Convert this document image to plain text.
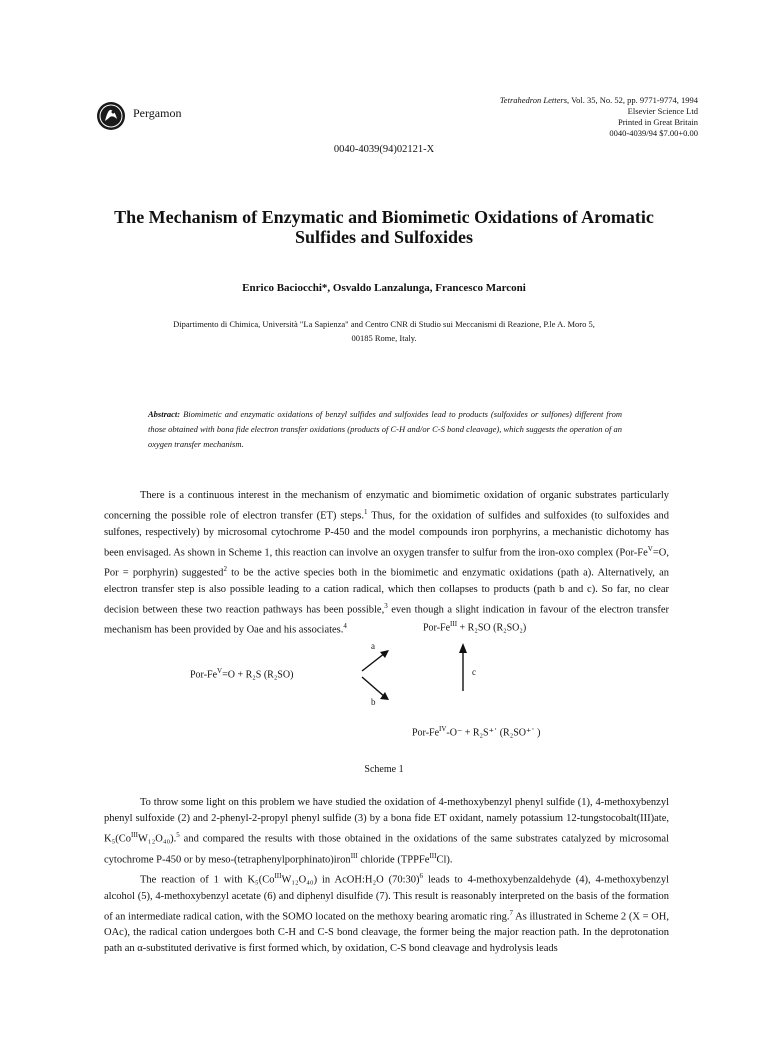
Pergamon
Tetrahedron Letters, Vol. 35, No. 52, pp. 9771-9774, 1994
Elsevier Science Ltd
Printed in Great Britain
0040-4039/94 $7.00+0.00
0040-4039(94)02121-X
The Mechanism of Enzymatic and Biomimetic Oxidations of Aromatic Sulfides and Sulfoxides
Enrico Baciocchi*, Osvaldo Lanzalunga, Francesco Marconi
Dipartimento di Chimica, Università "La Sapienza" and Centro CNR di Studio sui Meccanismi di Reazione, P.le A. Moro 5,
00185 Rome, Italy.
Abstract: Biomimetic and enzymatic oxidations of benzyl sulfides and sulfoxides lead to products (sulfoxides or sulfones) different from those obtained with bona fide electron transfer oxidations (products of C-H and/or C-S bond cleavage), which suggests the operation of an oxygen transfer mechanism.

There is a continuous interest in the mechanism of enzymatic and biomimetic oxidation of organic substrates particularly concerning the possible role of electron transfer (ET) steps.$^1$ Thus, for the oxidation of sulfides and sulfoxides (to sulfoxides and sulfones, respectively) by microsomal cytochrome P-450 and the model compounds iron porphyrins, a mechanistic dichotomy has been envisaged. As shown in Scheme 1, this reaction can involve an oxygen transfer to sulfur from the iron-oxo complex ($Por-Fe^V=O$, Por = porphyrin) suggested$^2$ to be the active species both in the biomimetic and enzymatic oxidations (path a). Alternatively, an electron transfer step is also possible leading to a cation radical, which then collapses to products (path b and c). So far, no clear decision between these two reaction pathways has been possible,$^3$ even though a slight indication in favour of the electron transfer mechanism has been provided by Oae and his associates.$^4$

Por-$Fe^V=O + R_2S$ (R₂SO)
Por-$Fe^{III} + R_2SO$ (R₂SO₂)
Por-$Fe^{IV}-O^-$ + R₂S⁺˙ (R₂SO⁺˙ )
a
b
c
Scheme 1

To throw some light on this problem we have studied the oxidation of 4-methoxybenzyl phenyl sulfide (1), 4-methoxybenzyl phenyl sulfoxide (2) and 2-phenyl-2-propyl phenyl sulfide (3) by a bona fide ET oxidant, namely potassium 12-tungstocobalt(III)ate, $K_5(Co^{III}W_{12}O_{40}).^5$ and compared the results with those obtained in the oxidations of the same substrates catalyzed by microsomal cytochrome P-450 or by meso-(tetraphenylporphinato)iron$^{III}$ chloride (TPPFe$^{III}$Cl).

The reaction of 1 with $K_5(Co^{III}W_{12}O_{40})$ in AcOH:H₂O (70:30)$^6$ leads to 4-methoxybenzaldehyde (4), 4-methoxybenzyl alcohol (5), 4-methoxybenzyl acetate (6) and diphenyl disulfide (7). This result is reasonably interpreted on the basis of the formation of an intermediate radical cation, with the SOMO located on the methoxy bearing aromatic ring.$^7$ As illustrated in Scheme 2 (X = OH, OAc), the radical cation undergoes both C-H and C-S bond cleavage, the former being the major reaction path. In the deprotonation path an α-substituted derivative is first formed which, by oxidation, C-S bond cleavage and hydrolysis leads
